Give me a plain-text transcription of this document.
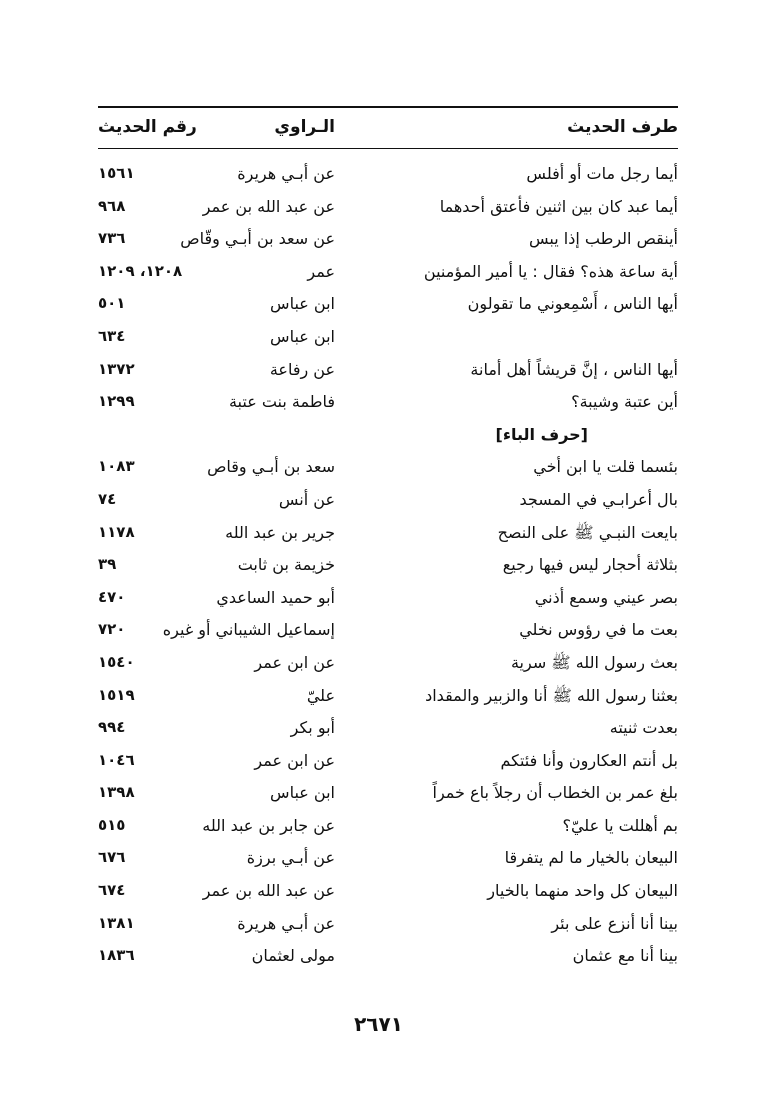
طرف الحديث
الـراوي
رقم الحديث
أيما رجل مات أو أفلس
عن أبـي هريرة
١٥٦١
أيما عبد كان بين اثنين فأعتق أحدهما
عن عبد الله بن عمر
٩٦٨
أينقص الرطب إذا يبس
عن سعد بن أبـي وقّاص
٧٣٦
أية ساعة هذه؟ فقال : يا أمير المؤمنين
عمر
١٢٠٨، ١٢٠٩
أيها الناس ، أَسْمِعوني ما تقولون
ابن عباس
٥٠١
ابن عباس
٦٣٤
أيها الناس ، إنَّ قريشاً أهل أمانة
عن رفاعة
١٣٧٢
أين عتبة وشيبة؟
فاطمة بنت عتبة
١٢٩٩
[حرف الباء]
بئسما قلت يا ابن أخي
سعد بن أبـي وقاص
١٠٨٣
بال أعرابـي في المسجد
عن أنس
٧٤
بايعت النبـي ﷺ على النصح
جرير بن عبد الله
١١٧٨
بثلاثة أحجار ليس فيها رجيع
خزيمة بن ثابت
٣٩
بصر عيني وسمع أذني
أبو حميد الساعدي
٤٧٠
بعت ما في رؤوس نخلي
إسماعيل الشيباني أو غيره
٧٢٠
بعث رسول الله ﷺ سرية
عن ابن عمر
١٥٤٠
بعثنا رسول الله ﷺ أنا والزبير والمقداد
عليّ
١٥١٩
بعدت ثنيته
أبو بكر
٩٩٤
بل أنتم العكارون وأنا فئتكم
عن ابن عمر
١٠٤٦
بلغ عمر بن الخطاب أن رجلاً باع خمراً
ابن عباس
١٣٩٨
بم أهللت يا عليّ؟
عن جابر بن عبد الله
٥١٥
البيعان بالخيار ما لم يتفرقا
عن أبـي برزة
٦٧٦
البيعان كل واحد منهما بالخيار
عن عبد الله بن عمر
٦٧٤
بينا أنا أنزع على بئر
عن أبـي هريرة
١٣٨١
بينا أنا مع عثمان
مولى لعثمان
١٨٣٦
٢٦٧١
